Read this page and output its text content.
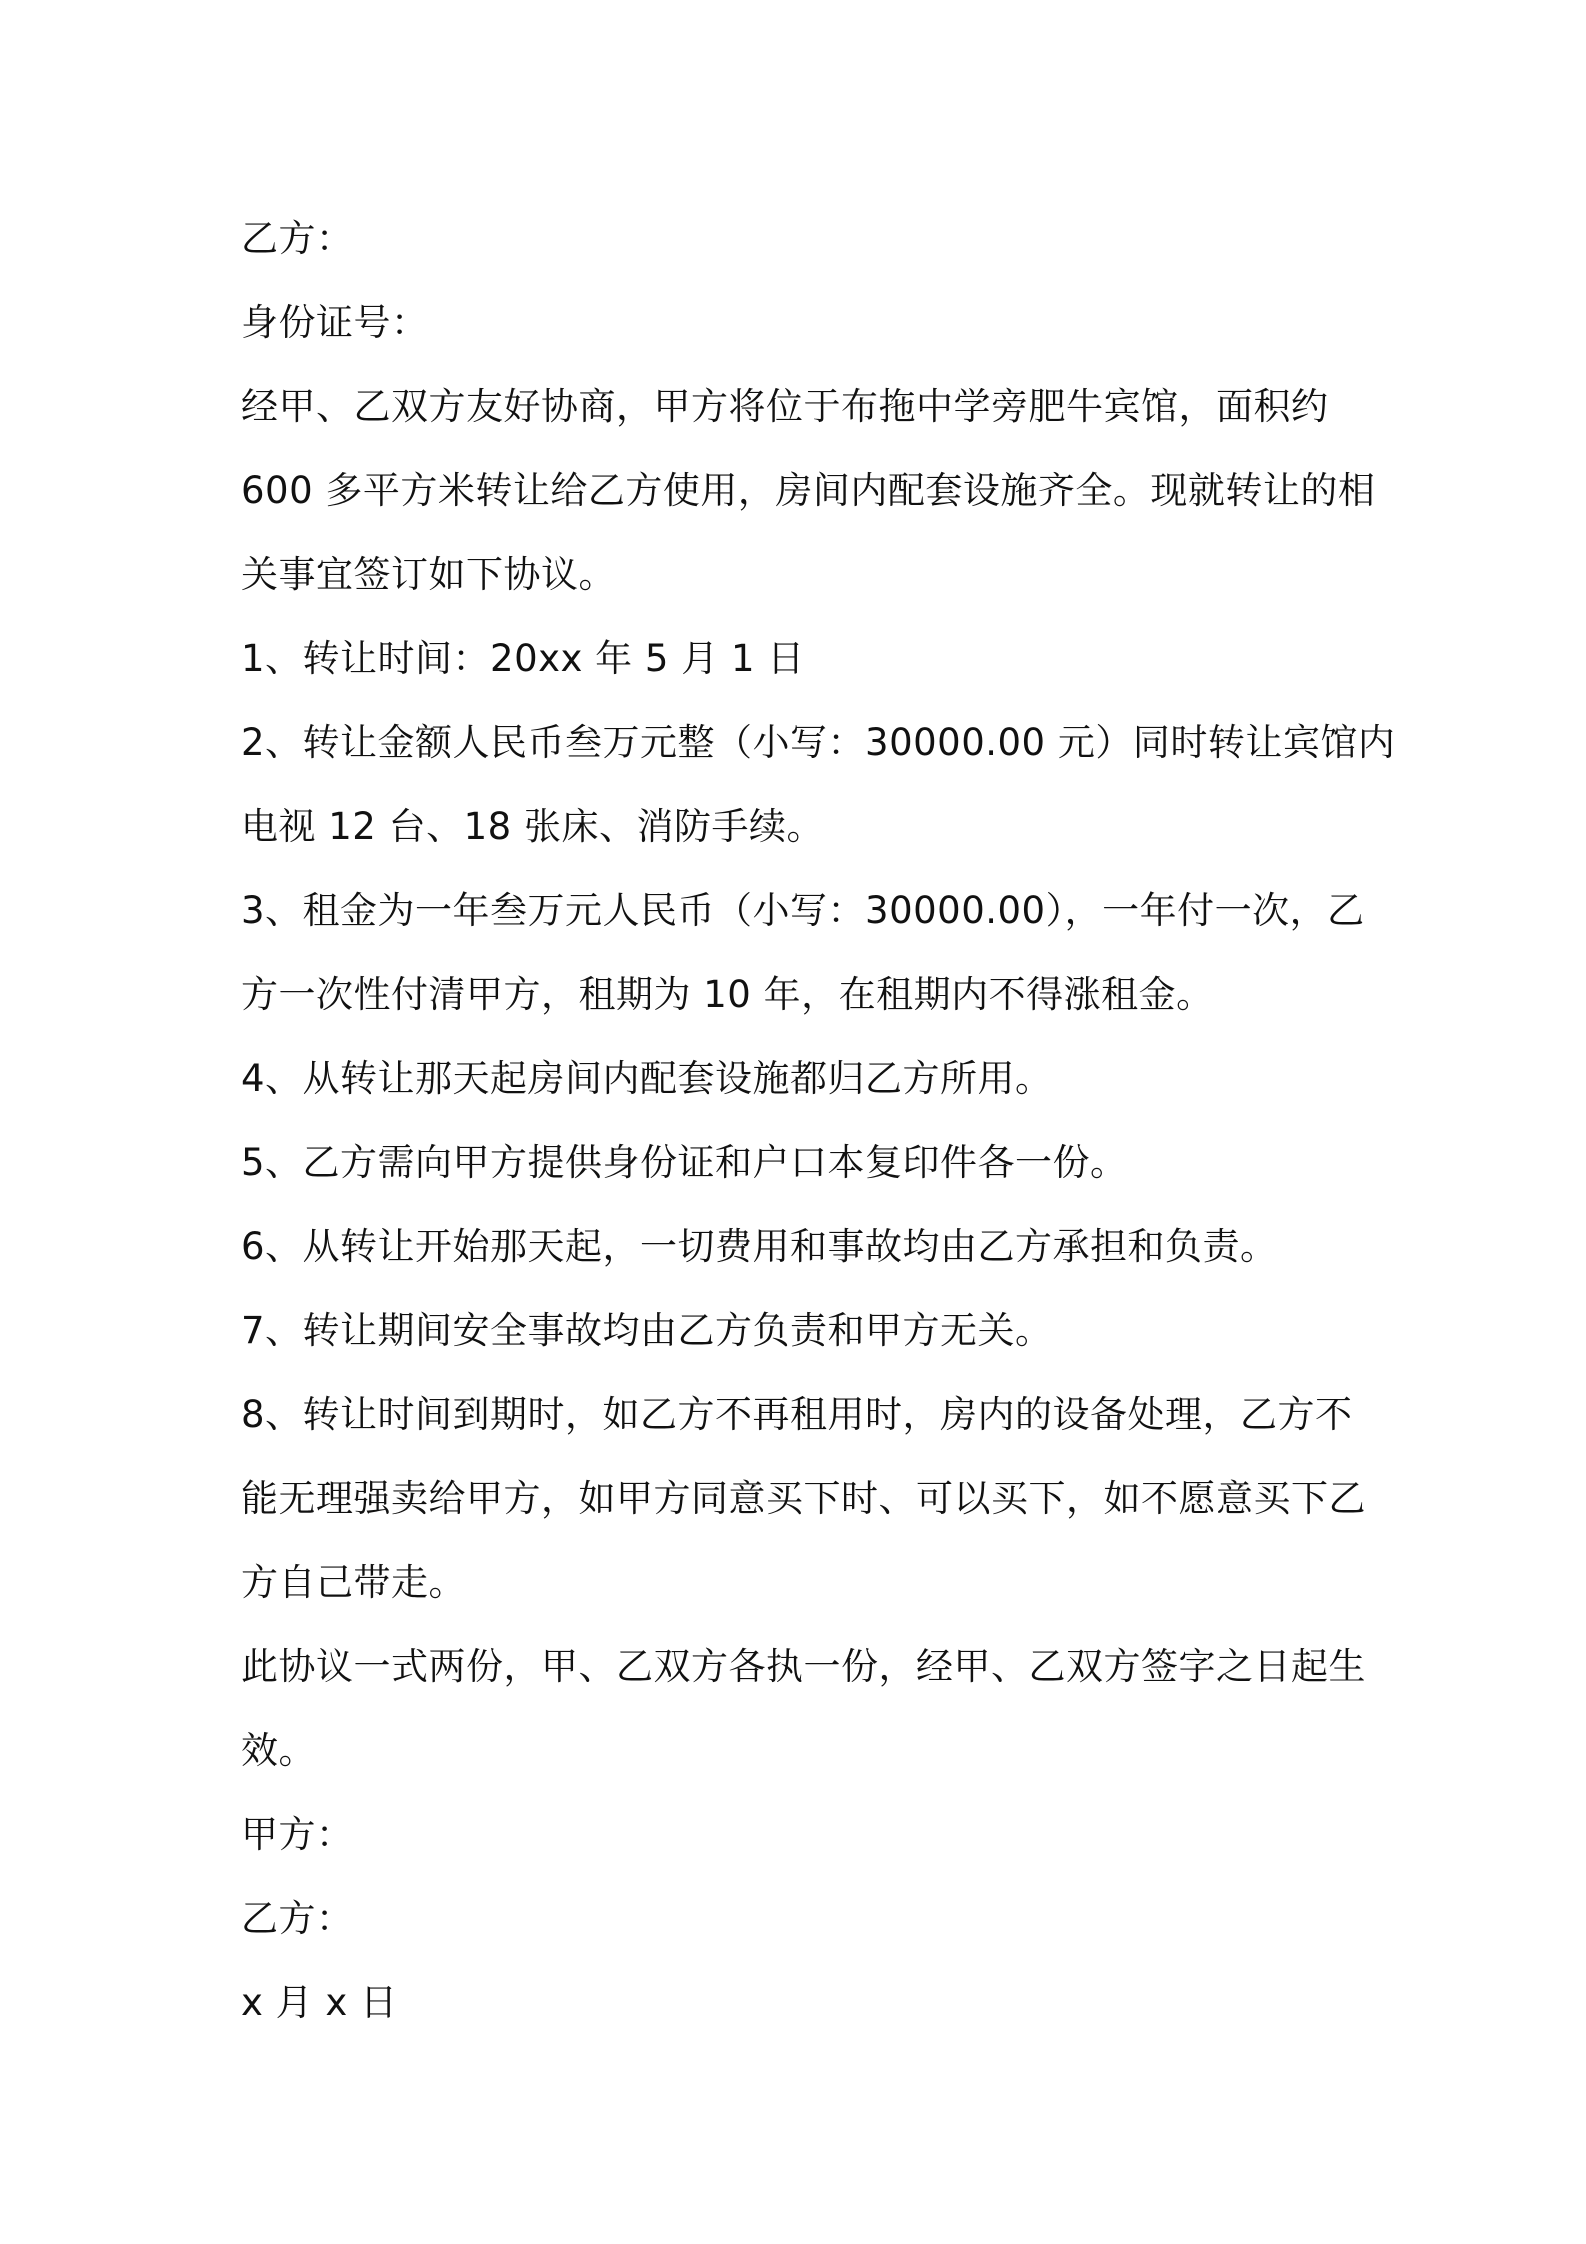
乙方：
身份证号：
经甲、乙双方友好协商，甲方将位于布拖中学旁肥牛宾馆，面积约
600 多平方米转让给乙方使用，房间内配套设施齐全。现就转让的相
关事宜签订如下协议。
1、转让时间：20xx 年 5 月 1 日
2、转让金额人民币叁万元整（小写：30000.00 元）同时转让宾馆内
电视 12 台、18 张床、消防手续。
3、租金为一年叁万元人民币（小写：30000.00），一年付一次，乙
方一次性付清甲方，租期为 10 年，在租期内不得涨租金。
4、从转让那天起房间内配套设施都归乙方所用。
5、乙方需向甲方提供身份证和户口本复印件各一份。
6、从转让开始那天起，一切费用和事故均由乙方承担和负责。
7、转让期间安全事故均由乙方负责和甲方无关。
8、转让时间到期时，如乙方不再租用时，房内的设备处理，乙方不
能无理强卖给甲方，如甲方同意买下时、可以买下，如不愿意买下乙
方自己带走。
此协议一式两份，甲、乙双方各执一份，经甲、乙双方签字之日起生
效。
甲方：
乙方：
x 月 x 日
